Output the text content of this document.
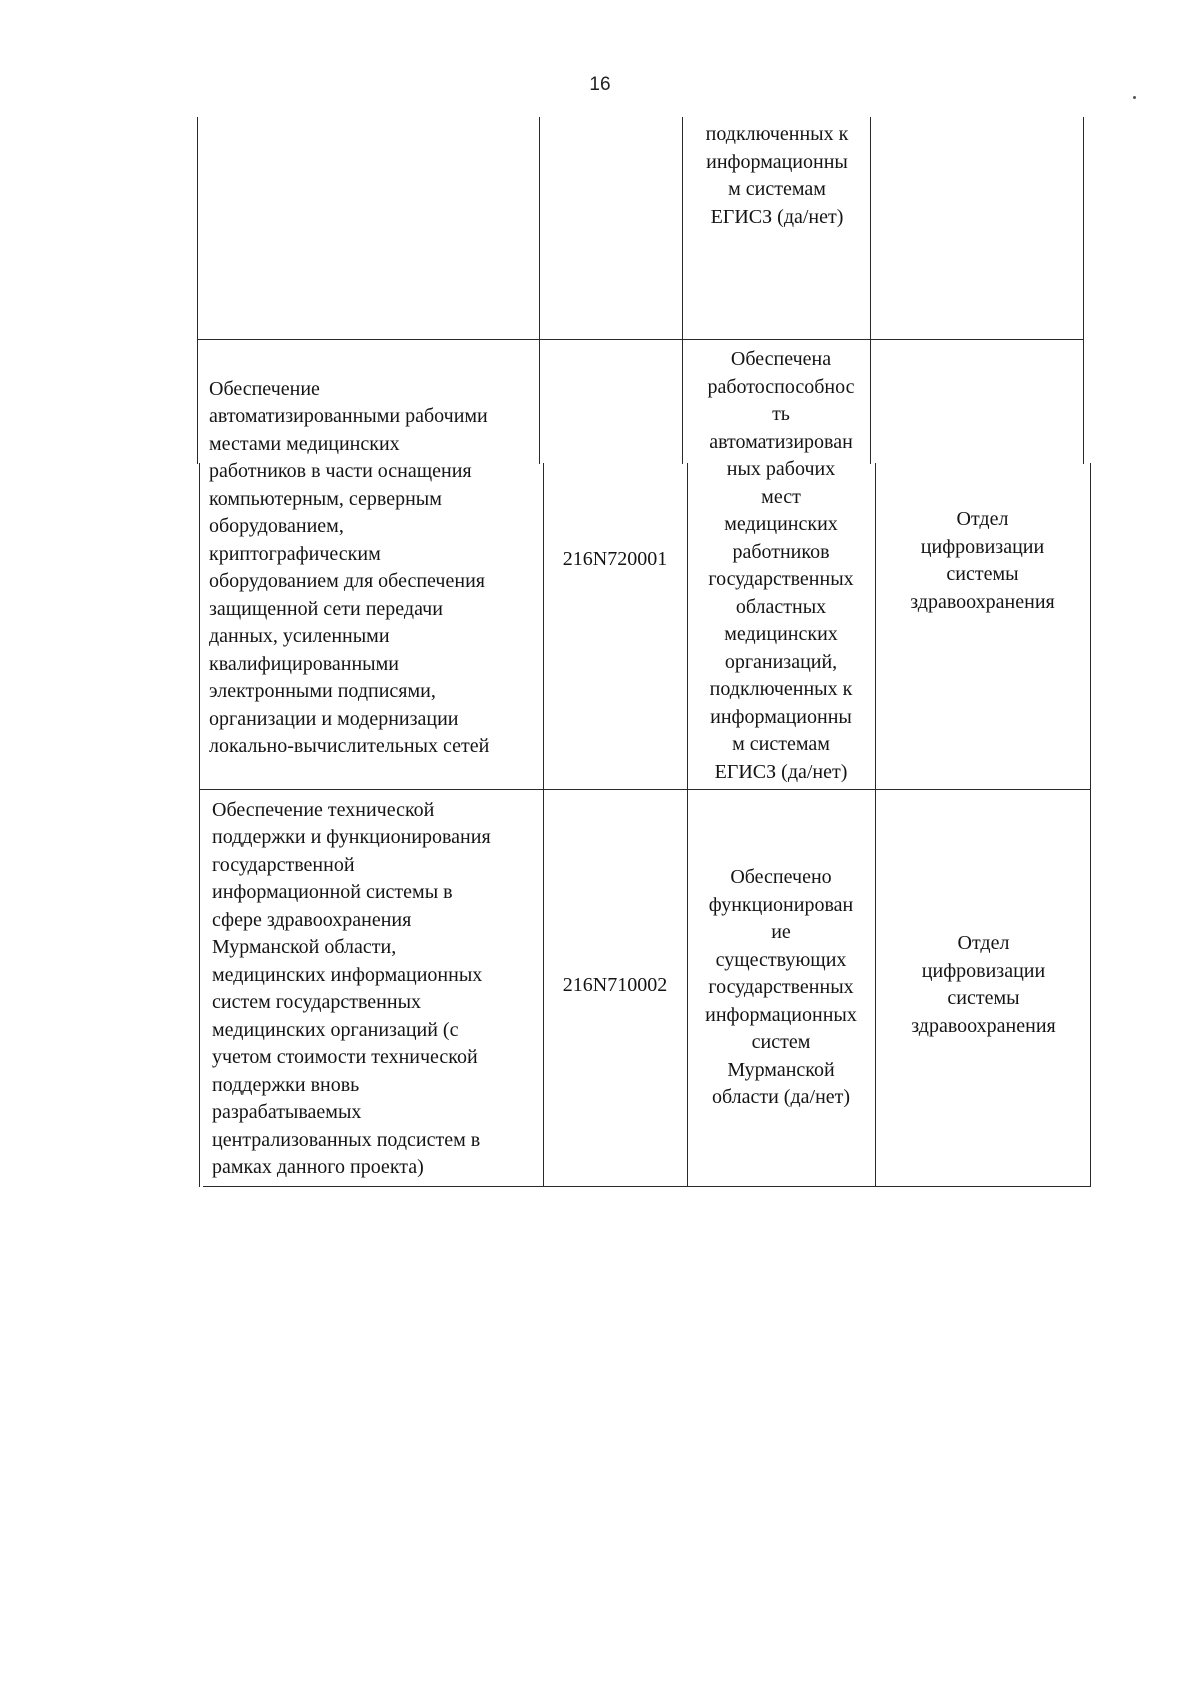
16
подключенных к
информационны
м системам
ЕГИСЗ (да/нет)
Обеспечение
автоматизированными рабочими
местами медицинских
работников в части оснащения
компьютерным, серверным
оборудованием,
криптографическим
оборудованием для обеспечения
защищенной сети передачи
данных, усиленными
квалифицированными
электронными подписями,
организации и модернизации
локально-вычислительных сетей
216N720001
Обеспечена
работоспособнос
ть
автоматизирован
ных рабочих
мест
медицинских
работников
государственных
областных
медицинских
организаций,
подключенных к
информационны
м системам
ЕГИСЗ (да/нет)
Отдел
цифровизации
системы
здравоохранения
Обеспечение технической
поддержки и функционирования
государственной
информационной системы в
сфере здравоохранения
Мурманской области,
медицинских информационных
систем государственных
медицинских организаций (с
учетом стоимости технической
поддержки вновь
разрабатываемых
централизованных подсистем в
рамках данного проекта)
216N710002
Обеспечено
функционирован
ие
существующих
государственных
информационных
систем
Мурманской
области (да/нет)
Отдел
цифровизации
системы
здравоохранения
